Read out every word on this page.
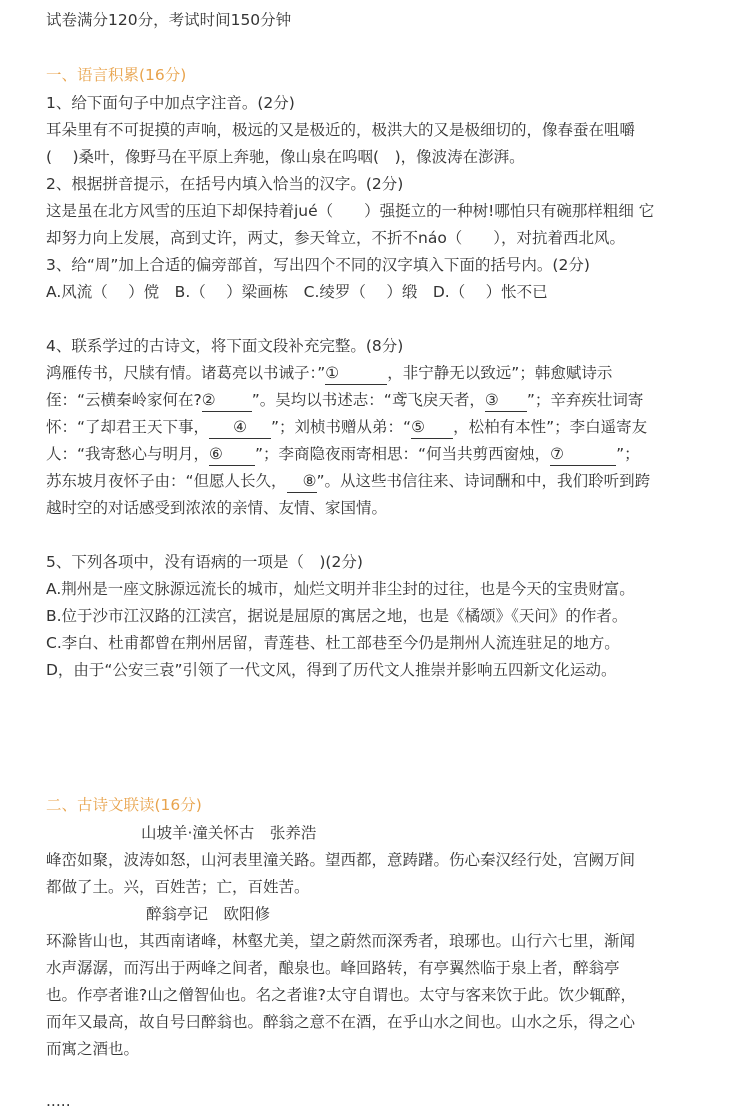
试卷满分120分，考试时间150分钟
一、语言积累(16分)
1、给下面句子中加点字注音。(2分)
耳朵里有不可捉摸的声响，极远的又是极近的，极洪大的又是极细切的，像春蚕在咀嚼
(　 )桑叶，像野马在平原上奔驰，像山泉在呜咽(　)，像波涛在澎湃。
2、根据拼音提示，在括号内填入恰当的汉字。(2分)
这是虽在北方风雪的压迫下却保持着jué（　　）强挺立的一种树!哪怕只有碗那样粗细 它
却努力向上发展，高到丈许，两丈，参天耸立，不折不náo（　　），对抗着西北风。
3、给“周”加上合适的偏旁部首，写出四个不同的汉字填入下面的括号内。(2分)
A.风流（　 ）傥　B.（　 ）梁画栋　C.绫罗（　 ）缎　D.（　 ）怅不已
4、联系学过的古诗文，将下面文段补充完整。(8分)
鸿雁传书，尺牍有情。诸葛亮以书诫子：”①	，非宁静无以致远”；韩愈赋诗示
侄：“云横秦岭家何在?② ”。吴均以书述志：“鸢飞戾天者，③ ”；辛弃疾壮词寄
怀：“了却君王天下事， ④ ”；刘桢书赠从弟：“⑤ ，松柏有本性”；李白遥寄友
人：“我寄愁心与明月，⑥ ”；李商隐夜雨寄相思：“何当共剪西窗烛，⑦	”；
苏东坡月夜怀子由：“但愿人长久， ⑧”。从这些书信往来、诗词酬和中，我们聆听到跨
越时空的对话感受到浓浓的亲情、友情、家国情。
5、下列各项中，没有语病的一项是（　)(2分)
A.荆州是一座文脉源远流长的城市，灿烂文明并非尘封的过往，也是今天的宝贵财富。
B.位于沙市江汉路的江渎宫，据说是屈原的寓居之地，也是《橘颂》《天问》的作者。
C.李白、杜甫都曾在荆州居留，青莲巷、杜工部巷至今仍是荆州人流连驻足的地方。
D，由于“公安三袁”引领了一代文风，得到了历代文人推崇并影响五四新文化运动。
二、古诗文联读(16分)
山坡羊·潼关怀古　张养浩
峰峦如聚，波涛如怒，山河表里潼关路。望西都，意踌躇。伤心秦汉经行处，宫阙万间
都做了土。兴，百姓苦；亡，百姓苦。
醉翁亭记　欧阳修
环滁皆山也，其西南诸峰，林壑尤美，望之蔚然而深秀者，琅琊也。山行六七里，渐闻
水声潺潺，而泻出于两峰之间者，酿泉也。峰回路转，有亭翼然临于泉上者，醉翁亭
也。作亭者谁?山之僧智仙也。名之者谁?太守自谓也。太守与客来饮于此。饮少辄醉，
而年又最高，故自号曰醉翁也。醉翁之意不在酒，在乎山水之间也。山水之乐，得之心
而寓之酒也。
.....
